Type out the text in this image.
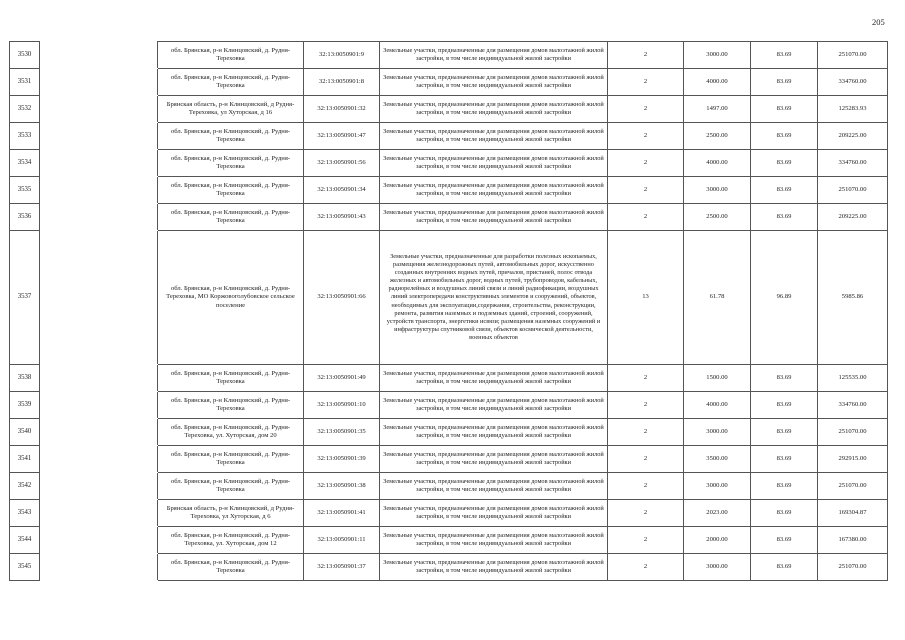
205
3530		обл. Брянская, р-н Клинцовский, д. Рудня-Тереховка	32:13:0050901:9	Земельные участки, предназначенные для размещения домов малоэтажной жилой застройки, в том числе индивидуальной жилой застройки	2	3000.00	83.69	251070.00
3531		обл. Брянская, р-н Клинцовский, д. Рудня-Тереховка	32:13:0050901:8	Земельные участки, предназначенные для размещения домов малоэтажной жилой застройки, в том числе индивидуальной жилой застройки	2	4000.00	83.69	334760.00
3532		Брянская область, р-н Клинцовский, д Рудня-Тереховка, ул Хуторская, д 16	32:13:0050901:32	Земельные участки, предназначенные для размещения домов малоэтажной жилой застройки, в том числе индивидуальной жилой застройки	2	1497.00	83.69	125283.93
3533		обл. Брянская, р-н Клинцовский, д. Рудня-Тереховка	32:13:0050901:47	Земельные участки, предназначенные для размещения домов малоэтажной жилой застройки, в том числе индивидуальной жилой застройки	2	2500.00	83.69	209225.00
3534		обл. Брянская, р-н Клинцовский, д. Рудня-Тереховка	32:13:0050901:56	Земельные участки, предназначенные для размещения домов малоэтажной жилой застройки, в том числе индивидуальной жилой застройки	2	4000.00	83.69	334760.00
3535		обл. Брянская, р-н Клинцовский, д. Рудня-Тереховка	32:13:0050901:34	Земельные участки, предназначенные для размещения домов малоэтажной жилой застройки, в том числе индивидуальной жилой застройки	2	3000.00	83.69	251070.00
3536		обл. Брянская, р-н Клинцовский, д. Рудня-Тереховка	32:13:0050901:43	Земельные участки, предназначенные для размещения домов малоэтажной жилой застройки, в том числе индивидуальной жилой застройки	2	2500.00	83.69	209225.00
3537		обл. Брянская, р-н Клинцовский, д. Рудня-Тереховка, МО Коржовоголубовское сельское поселение	32:13:0050901:66	Земельные участки, предназначенные для разработки полезных ископаемых, размещения железнодорожных путей, автомобильных дорог, искусственно созданных внутренних водных путей, причалов, пристаней, полос отвода железных и автомобильных дорог, водных путей, трубопроводов, кабельных, радиорелейных и воздушных линий связи и линий радиофикации, воздушных линий электропередачи конструктивных элементов и сооружений, объектов, необходимых для эксплуатации,содержания, строительства, реконструкции, ремонта, развития наземных и подземных зданий, строений, сооружений, устройств транспорта, энергетики исвязи; размещения наземных сооружений и инфраструктуры спутниковой связи, объектов космической деятельности, военных объектов	13	61.78	96.89	5985.86
3538		обл. Брянская, р-н Клинцовский, д. Рудня-Тереховка	32:13:0050901:49	Земельные участки, предназначенные для размещения домов малоэтажной жилой застройки, в том числе индивидуальной жилой застройки	2	1500.00	83.69	125535.00
3539		обл. Брянская, р-н Клинцовский, д. Рудня-Тереховка	32:13:0050901:10	Земельные участки, предназначенные для размещения домов малоэтажной жилой застройки, в том числе индивидуальной жилой застройки	2	4000.00	83.69	334760.00
3540		обл. Брянская, р-н Клинцовский, д. Рудня-Тереховка, ул. Хуторская, дом 20	32:13:0050901:35	Земельные участки, предназначенные для размещения домов малоэтажной жилой застройки, в том числе индивидуальной жилой застройки	2	3000.00	83.69	251070.00
3541		обл. Брянская, р-н Клинцовский, д. Рудня-Тереховка	32:13:0050901:39	Земельные участки, предназначенные для размещения домов малоэтажной жилой застройки, в том числе индивидуальной жилой застройки	2	3500.00	83.69	292915.00
3542		обл. Брянская, р-н Клинцовский, д. Рудня-Тереховка	32:13:0050901:38	Земельные участки, предназначенные для размещения домов малоэтажной жилой застройки, в том числе индивидуальной жилой застройки	2	3000.00	83.69	251070.00
3543		Брянская область, р-н Клинцовский, д Рудня-Тереховка, ул Хуторская, д 6	32:13:0050901:41	Земельные участки, предназначенные для размещения домов малоэтажной жилой застройки, в том числе индивидуальной жилой застройки	2	2023.00	83.69	169304.87
3544		обл. Брянская, р-н Клинцовский, д. Рудня-Тереховка, ул. Хуторская, дом 12	32:13:0050901:11	Земельные участки, предназначенные для размещения домов малоэтажной жилой застройки, в том числе индивидуальной жилой застройки	2	2000.00	83.69	167380.00
3545		обл. Брянская, р-н Клинцовский, д. Рудня-Тереховка	32:13:0050901:37	Земельные участки, предназначенные для размещения домов малоэтажной жилой застройки, в том числе индивидуальной жилой застройки	2	3000.00	83.69	251070.00
